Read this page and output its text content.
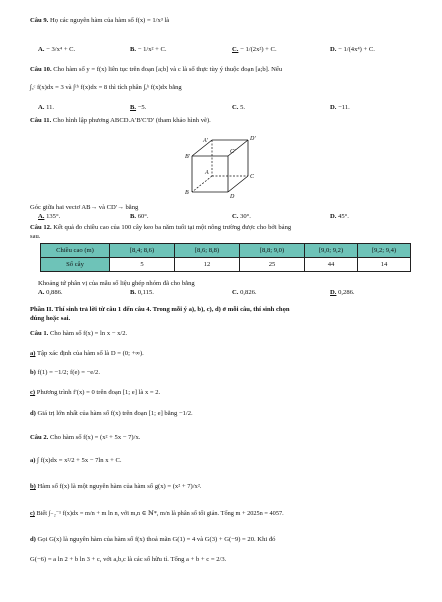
Câu 9. Họ các nguyên hàm của hàm số f(x) = 1/x³ là
A. − 3/x⁴ + C.	B. − 1/x² + C.	C. − 1/(2x²) + C.	D. − 1/(4x⁴) + C.
Câu 10. Cho hàm số y = f(x) liên tục trên đoạn [a;b] và c là số thực tùy ý thuộc đoạn [a;b]. Nếu
∫ₐᶜ f(x)dx = 3 và ∫ᶜᵇ f(x)dx = 8 thì tích phân ∫ₐᵇ f(x)dx bằng
A. 11.	B. −5.	C. 5.	D. −11.
Câu 11. Cho hình lập phương ABCD.A′B′C′D′ (tham khảo hình vẽ).
B′
A′	D′
C′
A
C
B
D
Góc giữa hai vectơ AB→ và CD′→ bằng
A. 135°.	B. 60°.	C. 30°.	D. 45°.
Câu 12. Kết quả đo chiều cao của 100 cây keo ba năm tuổi tại một nông trường được cho bởi bảng
sau.
Chiều cao (m)	[8,4; 8,6)	[8,6; 8,8)	[8,8; 9,0)	[9,0; 9,2)	[9,2; 9,4)
Số cây	5	12	25	44	14
Khoảng tứ phân vị của mẫu số liệu ghép nhóm đã cho bằng
A. 0,886.	B. 0,115.	C. 0,826.	D. 0,286.
Phần II. Thí sinh trả lời từ câu 1 đến câu 4. Trong mỗi ý a), b), c), d) ở mỗi câu, thí sinh chọn
đúng hoặc sai.
Câu 1. Cho hàm số f(x) = ln x − x/2.
a) Tập xác định của hàm số là D = (0; +∞).
b) f(1) = −1/2; f(e) = −e/2.
c) Phương trình f′(x) = 0 trên đoạn [1; e] là x = 2.
d) Giá trị lớn nhất của hàm số f(x) trên đoạn [1; e] bằng −1/2.
Câu 2. Cho hàm số f(x) = (x² + 5x − 7)/x.
a) ∫ f(x)dx = x²/2 + 5x − 7ln x + C.
b) Hàm số f(x) là một nguyên hàm của hàm số g(x) = (x² + 7)/x².
c) Biết ∫₋₂⁻¹ f(x)dx = m/n + m ln n, với m,n ∈ ℕ*, m/n là phân số tối giản. Tổng m + 2025n = 4057.
d) Gọi G(x) là nguyên hàm của hàm số f(x) thoả mãn G(1) = 4 và G(3) + G(−9) = 20. Khi đó
G(−6) = a ln 2 + b ln 3 + c, với a,b,c là các số hữu tỉ. Tổng a + b + c = 2/3.
